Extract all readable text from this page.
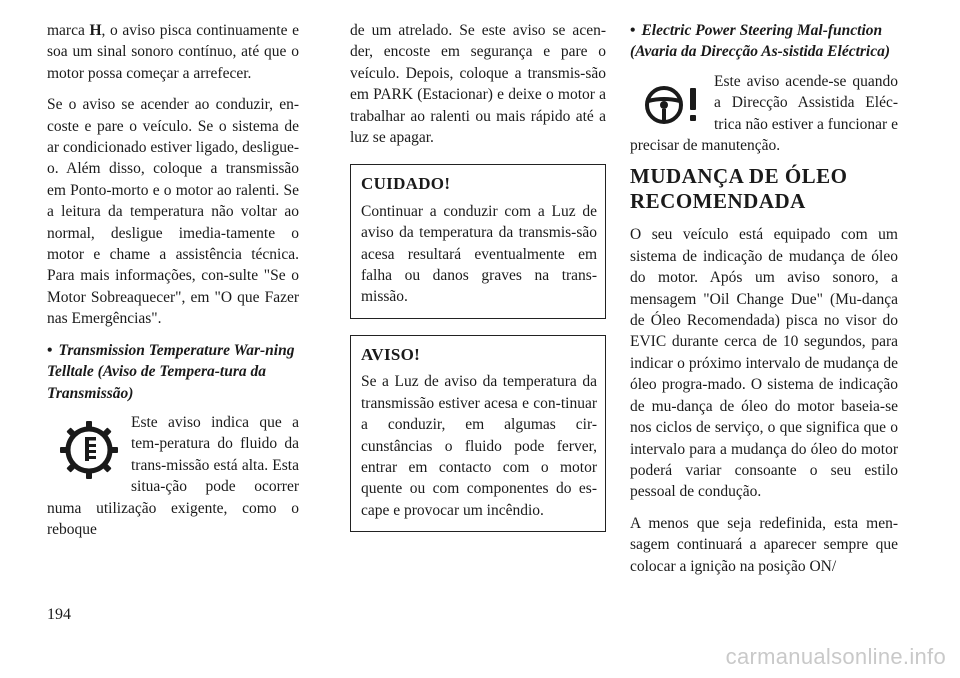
marca H, o aviso pisca continuamente e soa um sinal sonoro contínuo, até que o motor possa começar a arrefecer.

Se o aviso se acender ao conduzir, en-coste e pare o veículo. Se o sistema de ar condicionado estiver ligado, desligue-o. Além disso, coloque a transmissão em Ponto-morto e o motor ao ralenti. Se a leitura da temperatura não voltar ao normal, desligue imedia-tamente o motor e chame a assistência técnica. Para mais informações, con-sulte "Se o Motor Sobreaquecer", em "O que Fazer nas Emergências".

• Transmission Temperature War-ning Telltale (Aviso de Tempera-tura da Transmissão)

Este aviso indica que a tem-peratura do fluido da trans-missão está alta. Esta situa-ção pode ocorrer numa utilização exigente, como o reboque

de um atrelado. Se este aviso se acen-der, encoste em segurança e pare o veículo. Depois, coloque a transmis-são em PARK (Estacionar) e deixe o motor a trabalhar ao ralenti ou mais rápido até a luz se apagar.

CUIDADO!

Continuar a conduzir com a Luz de aviso da temperatura da transmis-são acesa resultará eventualmente em falha ou danos graves na trans-missão.

AVISO!

Se a Luz de aviso da temperatura da transmissão estiver acesa e con-tinuar a conduzir, em algumas cir-cunstâncias o fluido pode ferver, entrar em contacto com o motor quente ou com componentes do es-cape e provocar um incêndio.

• Electric Power Steering Mal-function (Avaria da Direcção As-sistida Eléctrica)

Este aviso acende-se quando a Direcção Assistida Eléc-trica não estiver a funcionar e precisar de manutenção.

MUDANÇA DE ÓLEO RECOMENDADA

O seu veículo está equipado com um sistema de indicação de mudança de óleo do motor. Após um aviso sonoro, a mensagem "Oil Change Due" (Mu-dança de Óleo Recomendada) pisca no visor do EVIC durante cerca de 10 segundos, para indicar o próximo intervalo de mudança de óleo progra-mado. O sistema de indicação de mu-dança de óleo do motor baseia-se nos ciclos de serviço, o que significa que o intervalo para a mudança do óleo do motor poderá variar consoante o seu estilo pessoal de condução.

A menos que seja redefinida, esta men-sagem continuará a aparecer sempre que colocar a ignição na posição ON/

194
carmanualsonline.info
